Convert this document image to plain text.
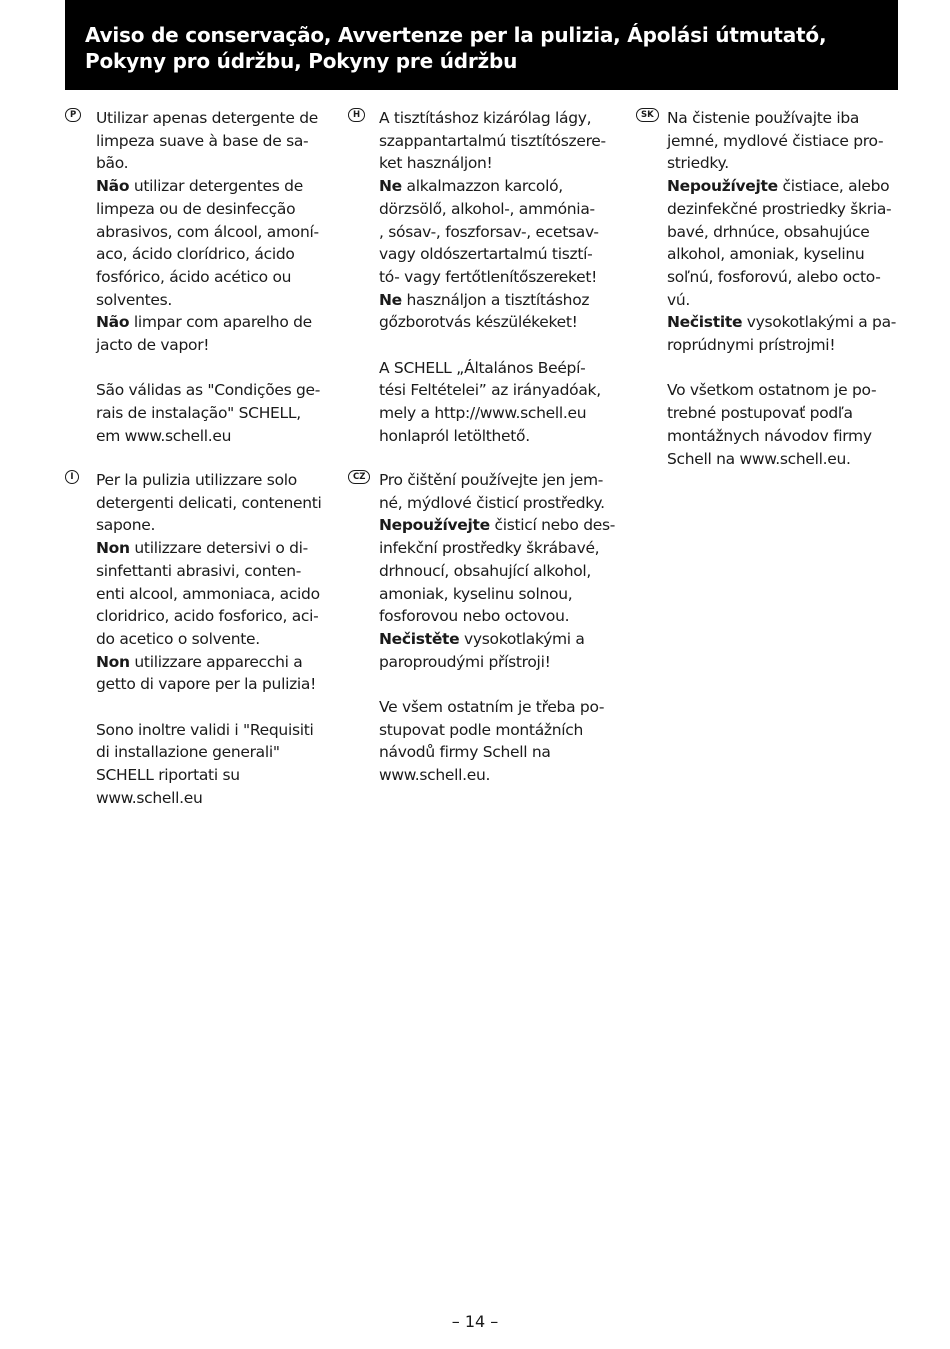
Aviso de conservação, Avvertenze per la pulizia, Ápolási útmutató,
Pokyny pro údržbu, Pokyny pre údržbu
P	Utilizar apenas detergente de
limpeza suave à base de sa-
bão.
Não utilizar detergentes de
limpeza ou de desinfecção
abrasivos, com álcool, amoní-
aco, ácido clorídrico, ácido
fosfórico, ácido acético ou
solventes.
Não limpar com aparelho de
jacto de vapor!
São válidas as "Condições ge-
rais de instalação" SCHELL,
em www.schell.eu
I	Per la pulizia utilizzare solo
detergenti delicati, contenenti
sapone.
Non utilizzare detersivi o di-
sinfettanti abrasivi, conten-
enti alcool, ammoniaca, acido
cloridrico, acido fosforico, aci-
do acetico o solvente.
Non utilizzare apparecchi a
getto di vapore per la pulizia!
Sono inoltre validi i "Requisiti
di installazione generali"
SCHELL riportati su
www.schell.eu
H	A tisztításhoz kizárólag lágy,
szappantartalmú tisztítószere-
ket használjon!
Ne alkalmazzon karcoló,
dörzsölő, alkohol-, ammónia-
, sósav-, foszforsav-, ecetsav-
vagy oldószertartalmú tisztí-
tó- vagy fertőtlenítőszereket!
Ne használjon a tisztításhoz
gőzborotvás készülékeket!
A SCHELL „Általános Beépí-
tési Feltételei” az irányadóak,
mely a http://www.schell.eu
honlapról letölthető.
CZ Pro čištění používejte jen jem-
né, mýdlové čisticí prostředky.
Nepoužívejte čisticí nebo des-
infekční prostředky škrábavé,
drhnoucí, obsahující alkohol,
amoniak, kyselinu solnou,
fosforovou nebo octovou.
Nečistěte vysokotlakými a
paroproudými přístroji!
Ve všem ostatním je třeba po-
stupovat podle montážních
návodů firmy Schell na
www.schell.eu.
SK Na čistenie používajte iba
jemné, mydlové čistiace pro-
striedky.
Nepoužívejte čistiace, alebo
dezinfekčné prostriedky škria-
bavé, drhnúce, obsahujúce
alkohol, amoniak, kyselinu
soľnú, fosforovú, alebo octo-
vú.
Nečistite vysokotlakými a pa-
roprúdnymi prístrojmi!
Vo všetkom ostatnom je po-
trebné postupovať podľa
montážnych návodov firmy
Schell na www.schell.eu.
– 14 –
